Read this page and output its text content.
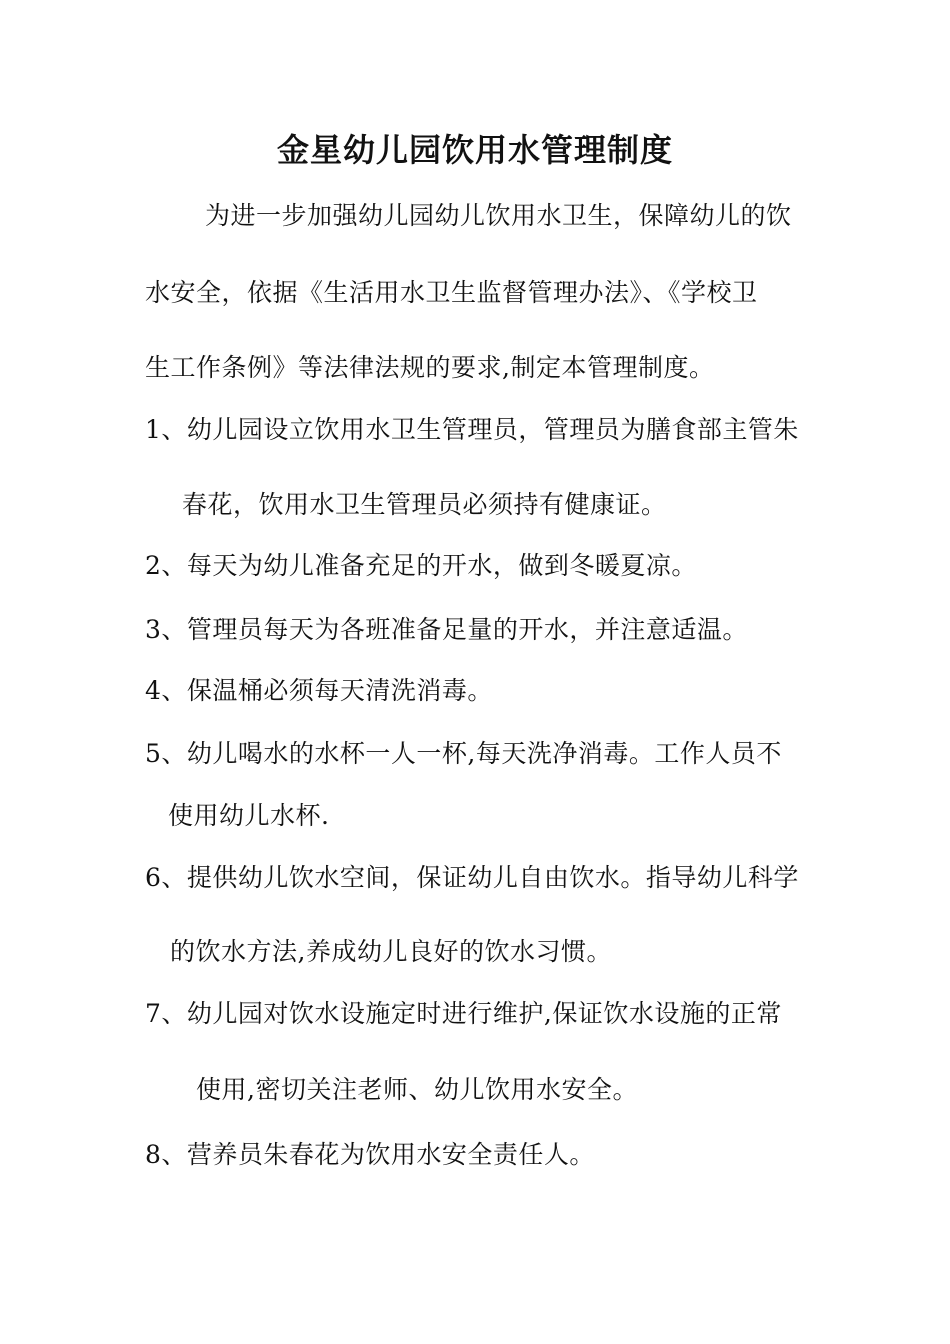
金星幼儿园饮用水管理制度
为进一步加强幼儿园幼儿饮用水卫生，保障幼儿的饮
水安全，依据《生活用水卫生监督管理办法》、《学校卫
生工作条例》等法律法规的要求,制定本管理制度。
1、幼儿园设立饮用水卫生管理员，管理员为膳食部主管朱
春花，饮用水卫生管理员必须持有健康证。
2、每天为幼儿准备充足的开水，做到冬暖夏凉。
3、管理员每天为各班准备足量的开水，并注意适温。
4、保温桶必须每天清洗消毒。
5、幼儿喝水的水杯一人一杯,每天洗净消毒。工作人员不
使用幼儿水杯.
6、提供幼儿饮水空间，保证幼儿自由饮水。指导幼儿科学
的饮水方法,养成幼儿良好的饮水习惯。
7、幼儿园对饮水设施定时进行维护,保证饮水设施的正常
使用,密切关注老师、幼儿饮用水安全。
8、营养员朱春花为饮用水安全责任人。
